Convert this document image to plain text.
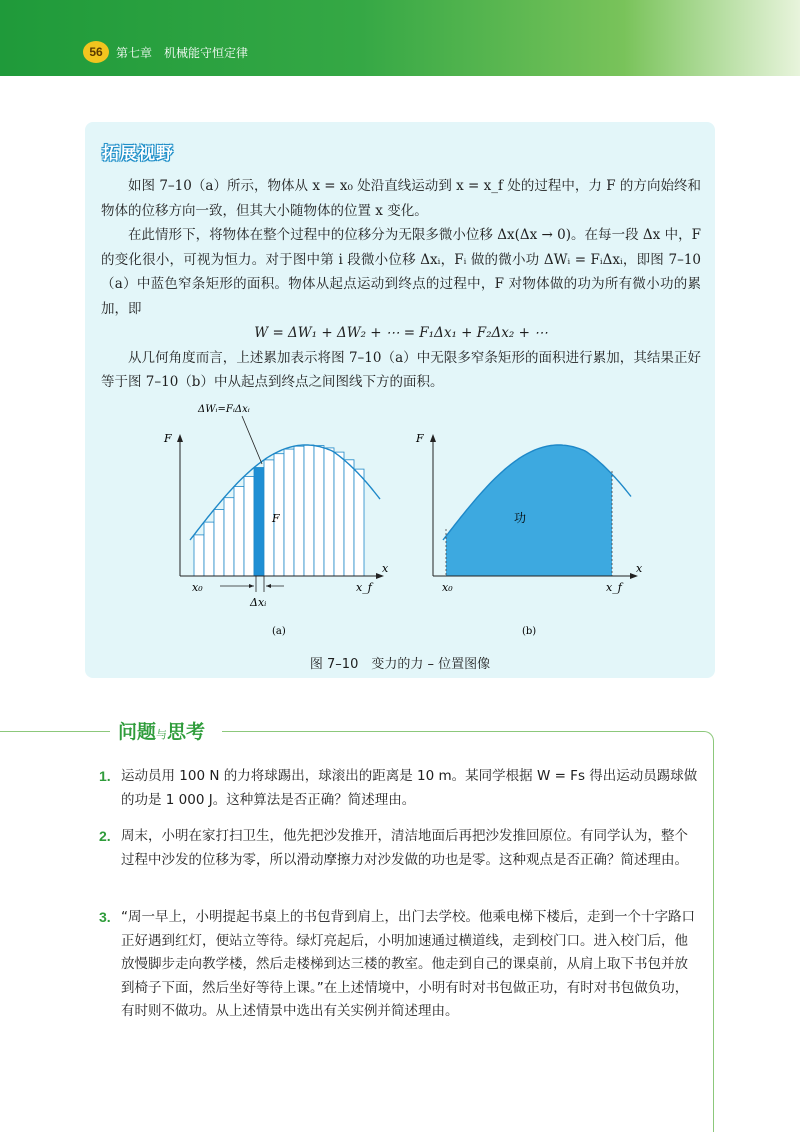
56	第七章　机械能守恒定律
拓展视野

如图 7–10（a）所示，物体从 x = x₀ 处沿直线运动到 x = x_f 处的过程中，力 F 的方向始终和物体的位移方向一致，但其大小随物体的位置 x 变化。

在此情形下，将物体在整个过程中的位移分为无限多微小位移 Δx(Δx → 0)。在每一段 Δx 中，F 的变化很小，可视为恒力。对于图中第 i 段微小位移 Δxᵢ，Fᵢ 做的微小功 ΔWᵢ = FᵢΔxᵢ，即图 7–10（a）中蓝色窄条矩形的面积。物体从起点运动到终点的过程中，F 对物体做的功为所有微小功的累加，即

W = ΔW₁ + ΔW₂ + ⋯ = F₁Δx₁ + F₂Δx₂ + ⋯

从几何角度而言，上述累加表示将图 7–10（a）中无限多窄条矩形的面积进行累加，其结果正好等于图 7–10（b）中从起点到终点之间图线下方的面积。

F
x
x₀	x_f
F
ΔWᵢ=FᵢΔxᵢ
Δxᵢ
(a)
F
x
x₀	x_f
功
(b)
图 7–10　变力的力 – 位置图像
问题与思考
1. 运动员用 100 N 的力将球踢出，球滚出的距离是 10 m。某同学根据 W = Fs 得出运动员踢球做的功是 1 000 J。这种算法是否正确？简述理由。
2. 周末，小明在家打扫卫生，他先把沙发推开，清洁地面后再把沙发推回原位。有同学认为，整个过程中沙发的位移为零，所以滑动摩擦力对沙发做的功也是零。这种观点是否正确？简述理由。
3. “周一早上，小明提起书桌上的书包背到肩上，出门去学校。他乘电梯下楼后，走到一个十字路口正好遇到红灯，便站立等待。绿灯亮起后，小明加速通过横道线，走到校门口。进入校门后，他放慢脚步走向教学楼，然后走楼梯到达三楼的教室。他走到自己的课桌前，从肩上取下书包并放到椅子下面，然后坐好等待上课。”在上述情境中，小明有时对书包做正功，有时对书包做负功，有时则不做功。从上述情景中选出有关实例并简述理由。
